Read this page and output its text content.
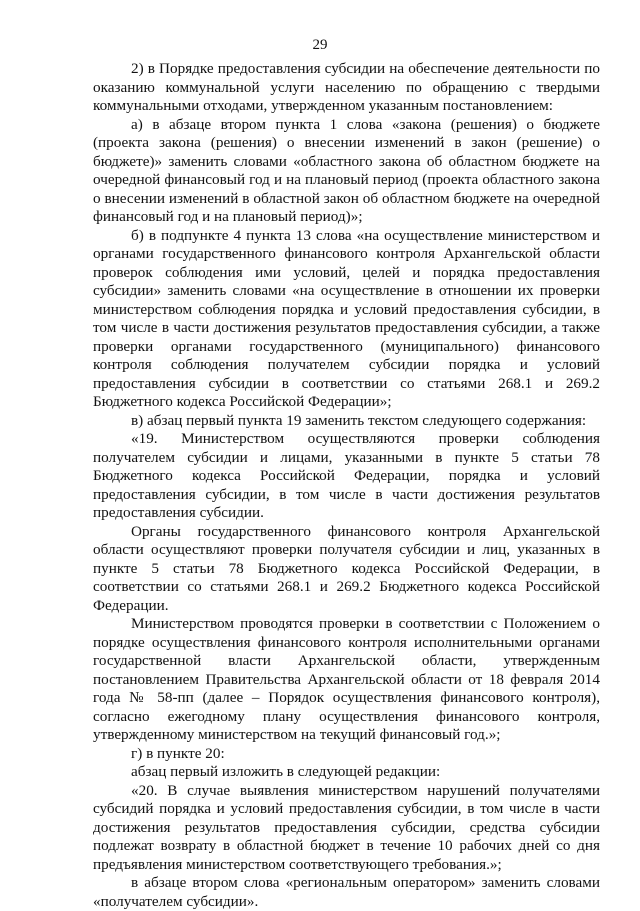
29

2) в Порядке предоставления субсидии на обеспечение деятельности по оказанию коммунальной услуги населению по обращению с твердыми коммунальными отходами, утвержденном указанным постановлением:

а) в абзаце втором пункта 1 слова «закона (решения) о бюджете (проекта закона (решения) о внесении изменений в закон (решение) о бюджете)» заменить словами «областного закона об областном бюджете на очередной финансовый год и на плановый период (проекта областного закона о внесении изменений в областной закон об областном бюджете на очередной финансовый год и на плановый период)»;

б) в подпункте 4 пункта 13 слова «на осуществление министерством и органами государственного финансового контроля Архангельской области проверок соблюдения ими условий, целей и порядка предоставления субсидии» заменить словами «на осуществление в отношении их проверки министерством соблюдения порядка и условий предоставления субсидии, в том числе в части достижения результатов предоставления субсидии, а также проверки органами государственного (муниципального) финансового контроля соблюдения получателем субсидии порядка и условий предоставления субсидии в соответствии со статьями 268.1 и 269.2 Бюджетного кодекса Российской Федерации»;

в) абзац первый пункта 19 заменить текстом следующего содержания:

«19. Министерством осуществляются проверки соблюдения получателем субсидии и лицами, указанными в пункте 5 статьи 78 Бюджетного кодекса Российской Федерации, порядка и условий предоставления субсидии, в том числе в части достижения результатов предоставления субсидии.

Органы государственного финансового контроля Архангельской области осуществляют проверки получателя субсидии и лиц, указанных в пункте 5 статьи 78 Бюджетного кодекса Российской Федерации, в соответствии со статьями 268.1 и 269.2 Бюджетного кодекса Российской Федерации.

Министерством проводятся проверки в соответствии с Положением о порядке осуществления финансового контроля исполнительными органами государственной власти Архангельской области, утвержденным постановлением Правительства Архангельской области от 18 февраля 2014 года № 58-пп (далее – Порядок осуществления финансового контроля), согласно ежегодному плану осуществления финансового контроля, утвержденному министерством на текущий финансовый год.»;

г) в пункте 20:

абзац первый изложить в следующей редакции:

«20. В случае выявления министерством нарушений получателями субсидий порядка и условий предоставления субсидии, в том числе в части достижения результатов предоставления субсидии, средства субсидии подлежат возврату в областной бюджет в течение 10 рабочих дней со дня предъявления министерством соответствующего требования.»;

в абзаце втором слова «региональным оператором» заменить словами «получателем субсидии».
